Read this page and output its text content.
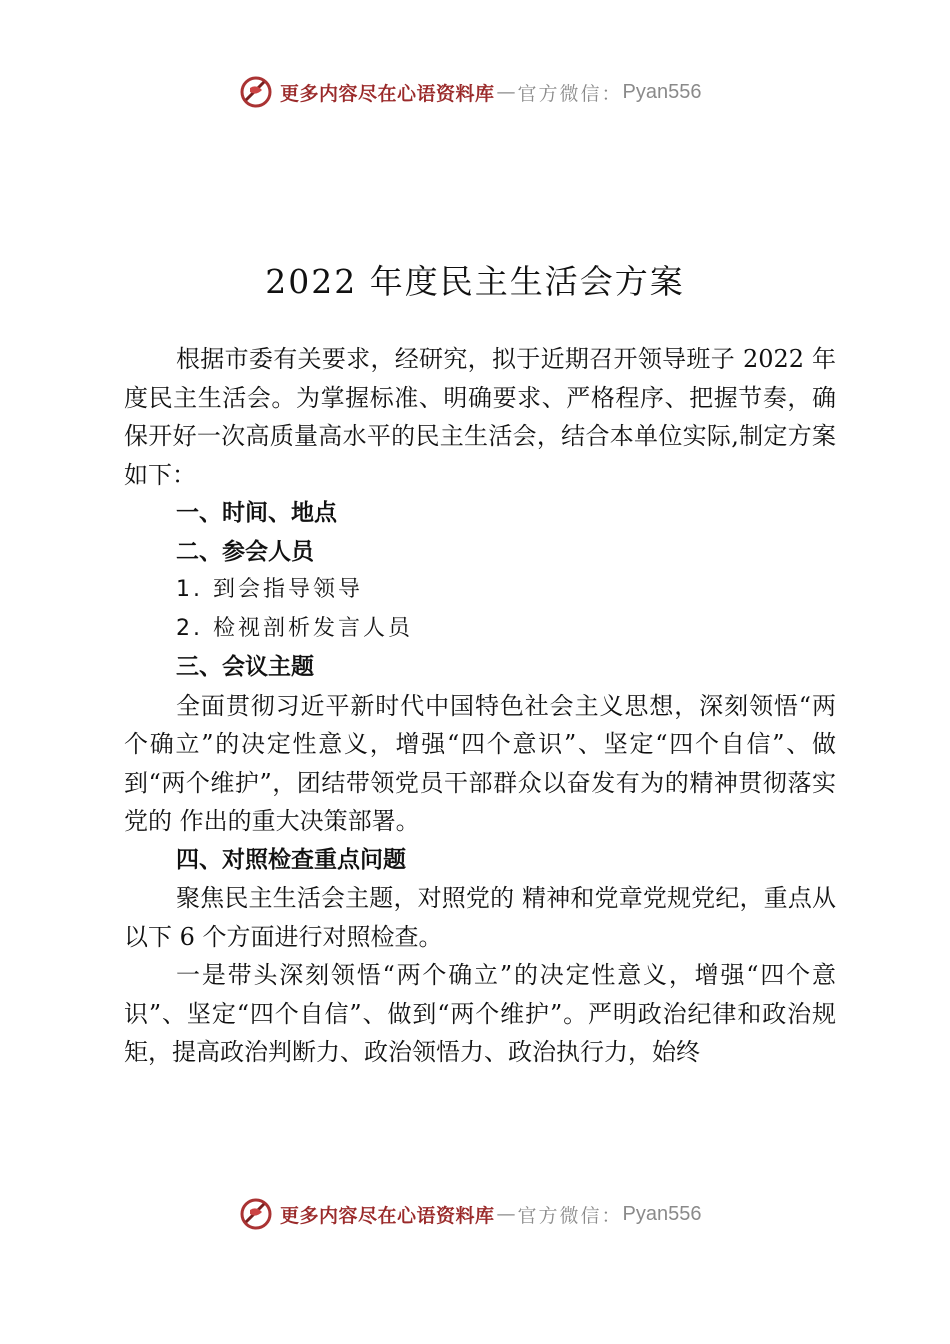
更多内容尽在心语资料库 — 官方微信： Pyan556
2022 年度民主生活会方案

根据市委有关要求，经研究，拟于近期召开领导班子 2022 年度民主生活会。为掌握标准、明确要求、严格程序、把握节奏，确保开好一次高质量高水平的民主生活会，结合本单位实际,制定方案如下：

一、时间、地点

二、参会人员

1. 到会指导领导

2. 检视剖析发言人员

三、会议主题

全面贯彻习近平新时代中国特色社会主义思想，深刻领悟“两个确立”的决定性意义，增强“四个意识”、坚定“四个自信”、做到“两个维护”，团结带领党员干部群众以奋发有为的精神贯彻落实党的 作出的重大决策部署。

四、对照检查重点问题

聚焦民主生活会主题，对照党的 精神和党章党规党纪，重点从以下 6 个方面进行对照检查。

一是带头深刻领悟“两个确立”的决定性意义，增强“四个意识”、坚定“四个自信”、做到“两个维护”。严明政治纪律和政治规矩，提高政治判断力、政治领悟力、政治执行力，始终

更多内容尽在心语资料库 — 官方微信： Pyan556
